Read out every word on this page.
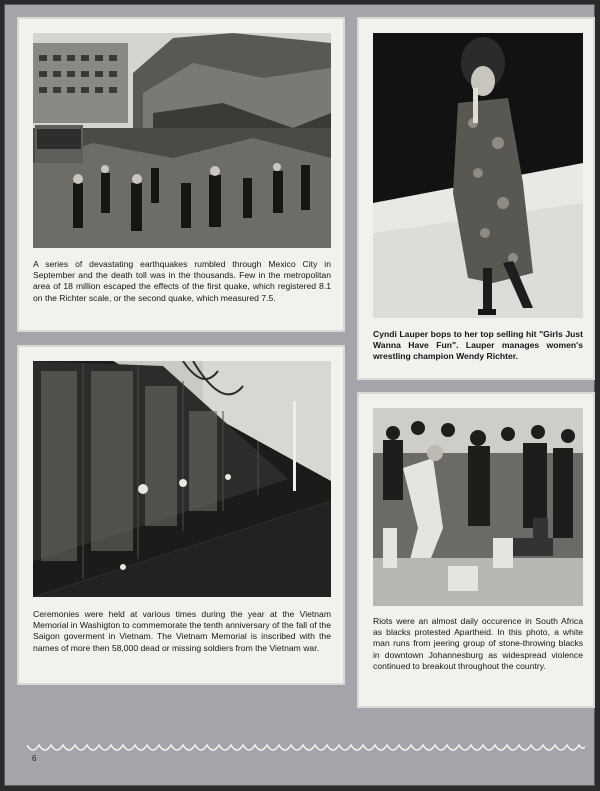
A series of devastating earthquakes rumbled through Mexico City in September and the death toll was in the thousands. Few in the metropolitan area of 18 million escaped the effects of the first quake, which registered 8.1 on the Richter scale, or the second quake, which measured 7.5.
Cyndi Lauper bops to her top selling hit "Girls Just Wanna Have Fun". Lauper manages women's wrestling champion Wendy Richter.
Ceremonies were held at various times during the year at the Vietnam Memorial in Washigton to commemorate the tenth anniversary of the fall of the Saigon goverment in Vietnam. The Vietnam Memorial is inscribed with the names of more then 58,000 dead or missing soldiers from the Vietnam war.
Riots were an almost daily occurence in South Africa as blacks protested Apartheid. In this photo, a white man runs from jeering group of stone-throwing blacks in downtown Johannesburg as widespread violence continued to breakout throughout the country.
6
